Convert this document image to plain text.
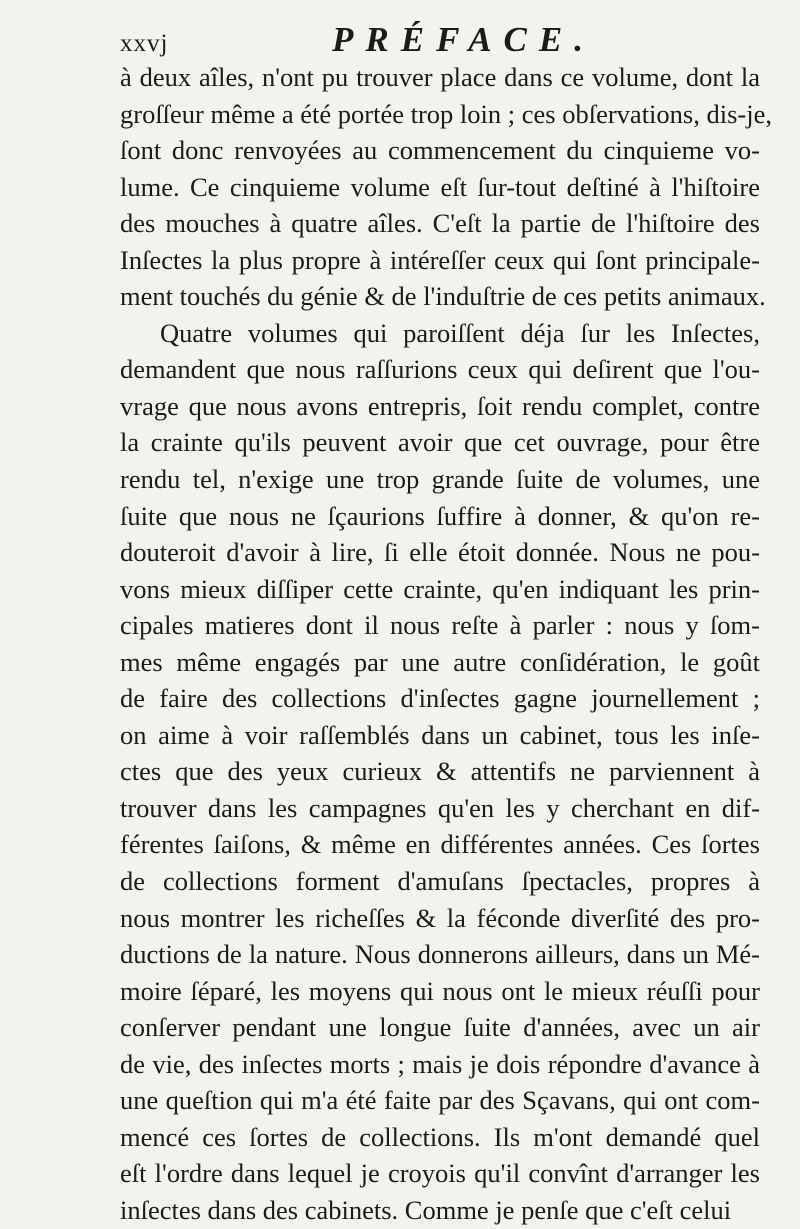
xxvj	PRÉFACE.
à deux aîles, n'ont pu trouver place dans ce volume, dont la
groſſeur même a été portée trop loin ; ces obſervations, dis-je,
ſont donc renvoyées au commencement du cinquieme vo-
lume. Ce cinquieme volume eſt ſur-tout deſtiné à l'hiſtoire
des mouches à quatre aîles. C'eſt la partie de l'hiſtoire des
Inſectes la plus propre à intéreſſer ceux qui ſont principale-
ment touchés du génie & de l'induſtrie de ces petits animaux.
Quatre volumes qui paroiſſent déja ſur les Inſectes,
demandent que nous raſſurions ceux qui deſirent que l'ou-
vrage que nous avons entrepris, ſoit rendu complet, contre
la crainte qu'ils peuvent avoir que cet ouvrage, pour être
rendu tel, n'exige une trop grande ſuite de volumes, une
ſuite que nous ne ſçaurions ſuffire à donner, & qu'on re-
douteroit d'avoir à lire, ſi elle étoit donnée. Nous ne pou-
vons mieux diſſiper cette crainte, qu'en indiquant les prin-
cipales matieres dont il nous reſte à parler : nous y ſom-
mes même engagés par une autre conſidération, le goût
de faire des collections d'inſectes gagne journellement ;
on aime à voir raſſemblés dans un cabinet, tous les inſe-
ctes que des yeux curieux & attentifs ne parviennent à
trouver dans les campagnes qu'en les y cherchant en dif-
férentes ſaiſons, & même en différentes années. Ces ſortes
de collections forment d'amuſans ſpectacles, propres à
nous montrer les richeſſes & la féconde diverſité des pro-
ductions de la nature. Nous donnerons ailleurs, dans un Mé-
moire ſéparé, les moyens qui nous ont le mieux réuſſi pour
conſerver pendant une longue ſuite d'années, avec un air
de vie, des inſectes morts ; mais je dois répondre d'avance à
une queſtion qui m'a été faite par des Sçavans, qui ont com-
mencé ces ſortes de collections. Ils m'ont demandé quel
eſt l'ordre dans lequel je croyois qu'il convînt d'arranger les
inſectes dans des cabinets. Comme je penſe que c'eſt celui
